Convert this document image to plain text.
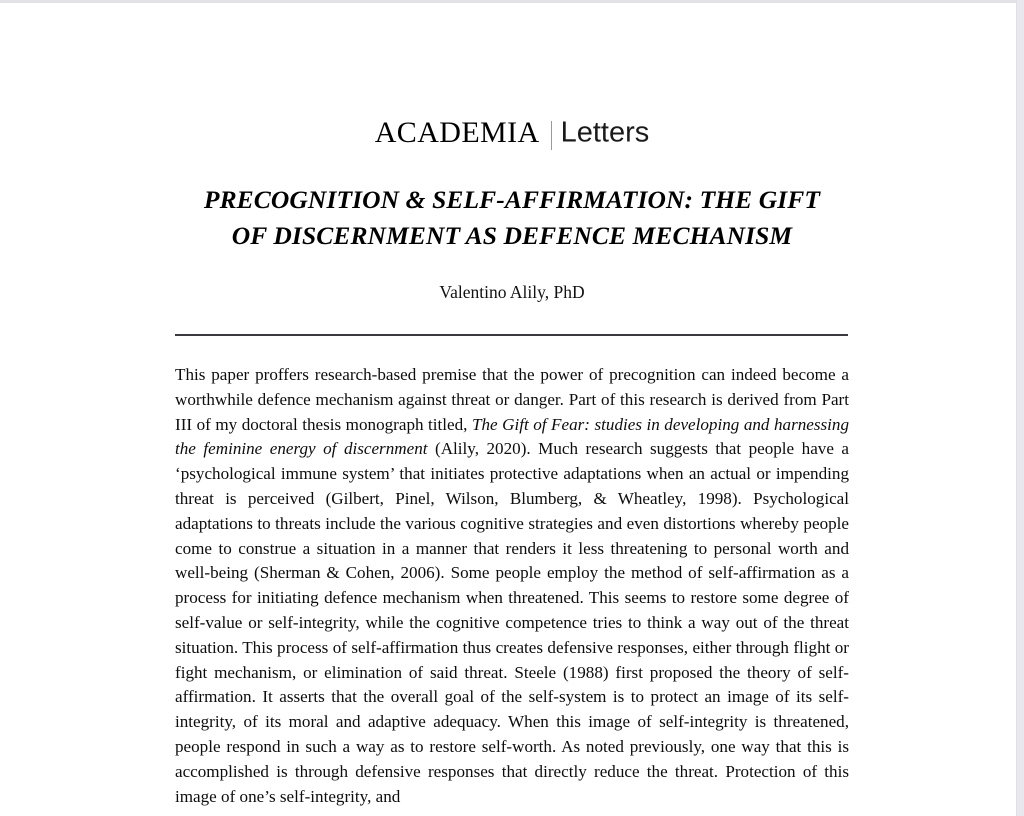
ACADEMIA Letters
PRECOGNITION & SELF-AFFIRMATION: THE GIFT
OF DISCERNMENT AS DEFENCE MECHANISM
Valentino Alily, PhD

This paper proffers research-based premise that the power of precognition can indeed become a worthwhile defence mechanism against threat or danger. Part of this research is derived from Part III of my doctoral thesis monograph titled, The Gift of Fear: studies in developing and harnessing the feminine energy of discernment (Alily, 2020). Much research suggests that people have a ‘psychological immune system’ that initiates protective adaptations when an actual or impending threat is perceived (Gilbert, Pinel, Wilson, Blumberg, & Wheatley, 1998). Psychological adaptations to threats include the various cognitive strategies and even distortions whereby people come to construe a situation in a manner that renders it less threatening to personal worth and well-being (Sherman & Cohen, 2006). Some people employ the method of self-affirmation as a process for initiating defence mechanism when threatened. This seems to restore some degree of self-value or self-integrity, while the cognitive competence tries to think a way out of the threat situation. This process of self-affirmation thus creates defensive responses, either through flight or fight mechanism, or elimination of said threat. Steele (1988) first proposed the theory of self-affirmation. It asserts that the overall goal of the self-system is to protect an image of its self-integrity, of its moral and adaptive adequacy. When this image of self-integrity is threatened, people respond in such a way as to restore self-worth. As noted previously, one way that this is accomplished is through defensive responses that directly reduce the threat. Protection of this image of one’s self-integrity, and
